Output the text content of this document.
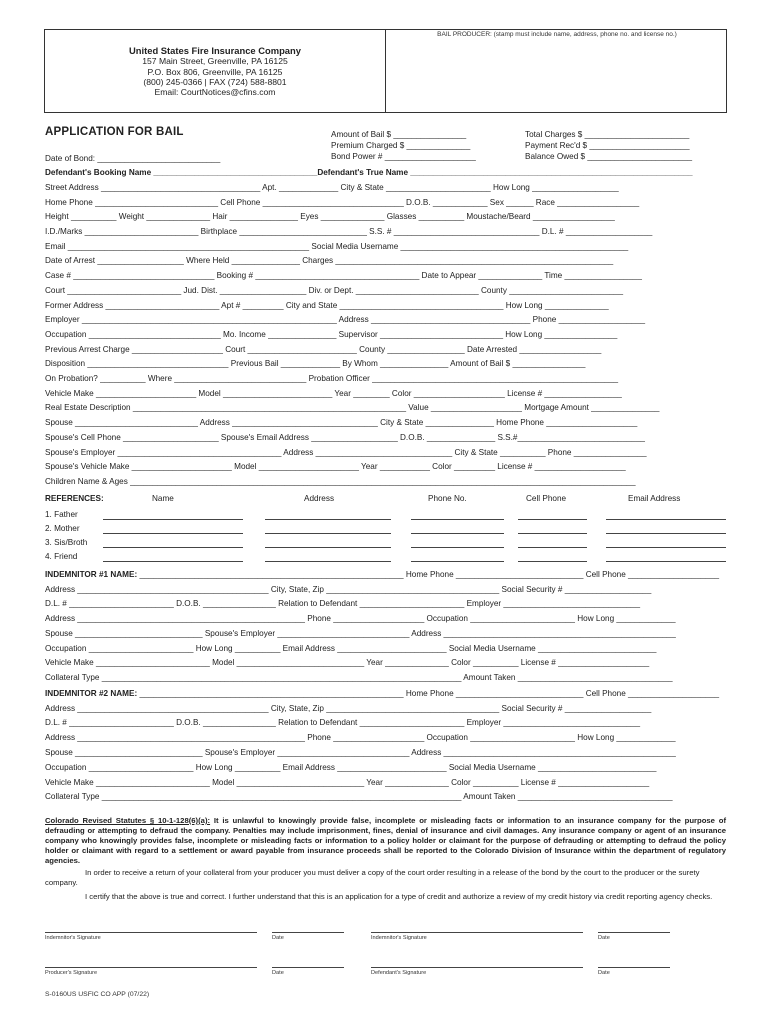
BAIL PRODUCER: (stamp must include name, address, phone no. and license no.)
United States Fire Insurance Company
157 Main Street, Greenville, PA 16125
P.O. Box 806, Greenville, PA 16125
(800) 245-0366 | FAX (724) 588-8801
Email: CourtNotices@cfins.com
APPLICATION FOR BAIL	Amount of Bail $ ________________
Premium Charged $ ______________
Bond Power # ____________________
Total Charges $ _______________________
Payment Rec'd $ ______________________
Balance Owed $ _______________________
Date of Bond: ___________________________
Defendant's Booking Name ____________________________________Defendant's True Name ______________________________________________________________
Street Address ___________________________________ Apt. _____________ City & State _______________________ How Long ___________________
Home Phone ___________________________ Cell Phone _______________________________ D.O.B. ____________ Sex ______ Race __________________
Height __________ Weight ______________ Hair _______________ Eyes ______________ Glasses __________ Moustache/Beard __________________
I.D./Marks _________________________ Birthplace ____________________________ S.S. # ________________________________ D.L. # ___________________
Email _____________________________________________________ Social Media Username __________________________________________________
Date of Arrest ___________________ Where Held _______________ Charges _____________________________________________________________
Case # _______________________________ Booking # ____________________________________ Date to Appear ______________ Time _________________
Court _________________________ Jud. Dist. ___________________ Div. or Dept. ___________________________ County _________________________
Former Address _________________________ Apt # _________ City and State ____________________________________ How Long ______________
Employer ________________________________________________________ Address ___________________________________ Phone ___________________
Occupation _____________________________ Mo. Income _______________ Supervisor ___________________________ How Long ________________
Previous Arrest Charge ____________________ Court ________________________ County _________________ Date Arrested __________________
Disposition _______________________________ Previous Bail _____________ By Whom _______________ Amount of Bail $ ________________
On Probation? __________ Where _____________________________ Probation Officer ______________________________________________________
Vehicle Make ______________________ Model ________________________ Year ________ Color ____________________ License # _________________
Real Estate Description ____________________________________________________________ Value ____________________ Mortgage Amount _______________
Spouse ___________________________ Address ________________________________ City & State _______________ Home Phone ____________________
Spouse's Cell Phone _____________________ Spouse's Email Address ___________________ D.O.B. _______________ S.S.#____________________________
Spouse's Employer ____________________________________ Address ______________________________ City & State __________ Phone ________________
Spouse's Vehicle Make ______________________ Model ______________________ Year ___________ Color _________ License # ____________________
Children Name & Ages _______________________________________________________________________________________________________________
REFERENCES:	Name	Address	Phone No.	Cell Phone	Email Address
1. Father
2. Mother
3. Sis/Broth
4. Friend
INDEMNITOR #1 NAME: __________________________________________________________ Home Phone ____________________________ Cell Phone ____________________
Address __________________________________________ City, State, Zip ______________________________________ Social Security # ___________________
D.L. # _______________________ D.O.B. ________________ Relation to Defendant _______________________ Employer ______________________________
Address __________________________________________________ Phone ____________________ Occupation _______________________ How Long _____________
Spouse ____________________________ Spouse's Employer _____________________________ Address ___________________________________________________
Occupation _______________________ How Long __________ Email Address ________________________ Social Media Username __________________________
Vehicle Make _________________________ Model ____________________________ Year ______________ Color __________ License # ____________________
Collateral Type _______________________________________________________________________________ Amount Taken __________________________________
INDEMNITOR #2 NAME: __________________________________________________________ Home Phone ____________________________ Cell Phone ____________________
Address __________________________________________ City, State, Zip ______________________________________ Social Security # ___________________
D.L. # _______________________ D.O.B. ________________ Relation to Defendant _______________________ Employer ______________________________
Address __________________________________________________ Phone ____________________ Occupation _______________________ How Long _____________
Spouse ____________________________ Spouse's Employer _____________________________ Address ___________________________________________________
Occupation _______________________ How Long __________ Email Address ________________________ Social Media Username __________________________
Vehicle Make _________________________ Model ____________________________ Year ______________ Color __________ License # ____________________
Collateral Type _______________________________________________________________________________ Amount Taken __________________________________
Colorado Revised Statutes § 10-1-128(6)(a): It is unlawful to knowingly provide false, incomplete or misleading facts or information to an insurance company for the purpose of defrauding or attempting to defraud the company. Penalties may include imprisonment, fines, denial of insurance and civil damages. Any insurance company or agent of an insurance company who knowingly provides false, incomplete or misleading facts or information to a policy holder or claimant for the purpose of defrauding or attempting to defraud the policy holder or claimant with regard to a settlement or award payable from insurance proceeds shall be reported to the Colorado Division of Insurance within the department of regulatory agencies.
In order to receive a return of your collateral from your producer you must deliver a copy of the court order resulting in a release of the bond by the court to the producer or the surety company.
I certify that the above is true and correct. I further understand that this is an application for a type of credit and authorize a review of my credit history via credit reporting agency checks.
Indemnitor's Signature	Date	Indemnitor's Signature	Date
Producer's Signature	Date	Defendant's Signature	Date
S-0160US USFIC CO APP (07/22)
